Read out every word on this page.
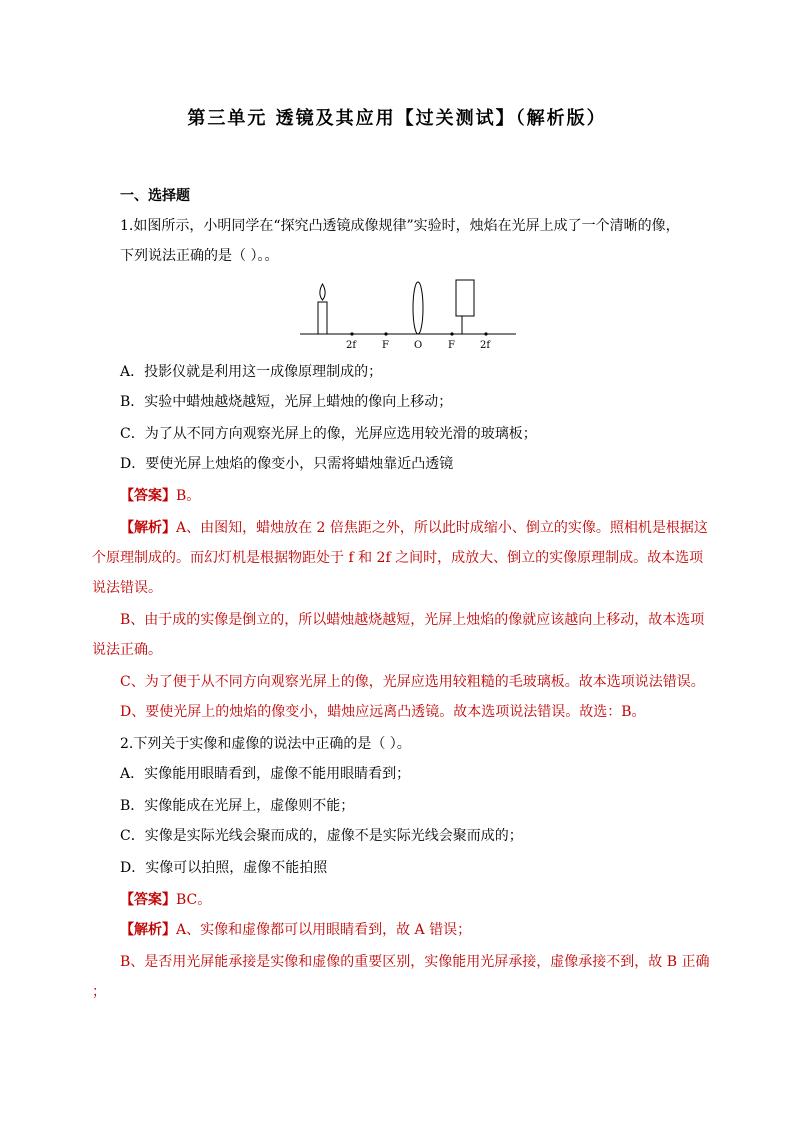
第三单元 透镜及其应用【过关测试】（解析版）
一、选择题
1.如图所示，小明同学在“探究凸透镜成像规律”实验时，烛焰在光屏上成了一个清晰的像，
下列说法正确的是（ ）。。
2f	F	O	F	2f
A．投影仪就是利用这一成像原理制成的；
B．实验中蜡烛越烧越短，光屏上蜡烛的像向上移动；
C．为了从不同方向观察光屏上的像，光屏应选用较光滑的玻璃板；
D．要使光屏上烛焰的像变小，只需将蜡烛靠近凸透镜
【答案】B。
【解析】A、由图知，蜡烛放在 2 倍焦距之外，所以此时成缩小、倒立的实像。照相机是根据这
个原理制成的。而幻灯机是根据物距处于 f 和 2f 之间时，成放大、倒立的实像原理制成。故本选项
说法错误。
B、由于成的实像是倒立的，所以蜡烛越烧越短，光屏上烛焰的像就应该越向上移动，故本选项
说法正确。
C、为了便于从不同方向观察光屏上的像，光屏应选用较粗糙的毛玻璃板。故本选项说法错误。
D、要使光屏上的烛焰的像变小，蜡烛应远离凸透镜。故本选项说法错误。故选：B。
2.下列关于实像和虚像的说法中正确的是（ ）。
A．实像能用眼睛看到，虚像不能用眼睛看到；
B．实像能成在光屏上，虚像则不能；
C．实像是实际光线会聚而成的，虚像不是实际光线会聚而成的；
D．实像可以拍照，虚像不能拍照
【答案】BC。
【解析】A、实像和虚像都可以用眼睛看到，故 A 错误；
B、是否用光屏能承接是实像和虚像的重要区别，实像能用光屏承接，虚像承接不到，故 B 正确
；
